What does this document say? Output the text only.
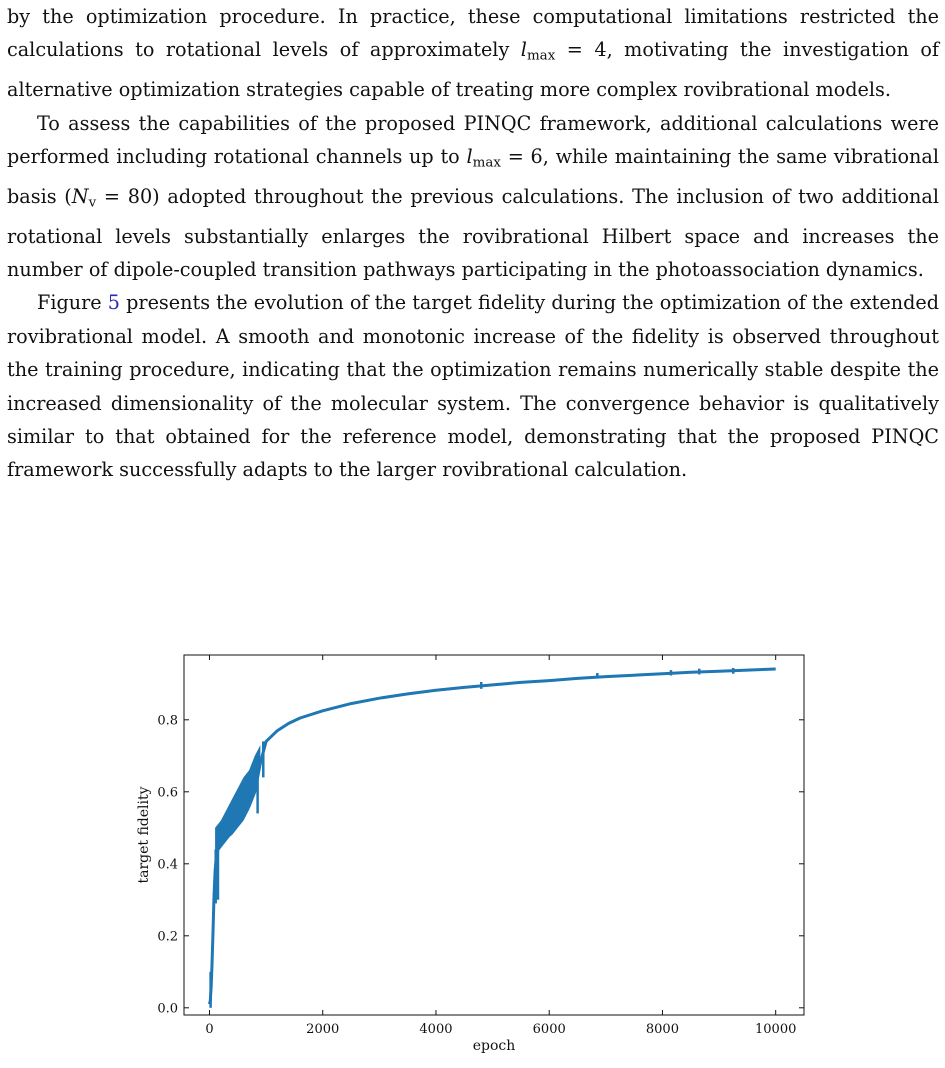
by the optimization procedure. In practice, these computational limitations restricted the calculations to rotational levels of approximately $l_{max} = 4$, motivating the investigation of alternative optimization strategies capable of treating more complex rovibrational models.

To assess the capabilities of the proposed PINQC framework, additional calculations were performed including rotational channels up to $l_{max} = 6$, while maintaining the same vibrational basis $(N_v = 80)$ adopted throughout the previous calculations. The inclusion of two additional rotational levels substantially enlarges the rovibrational Hilbert space and increases the number of dipole-coupled transition pathways participating in the photoassociation dynamics.

Figure 5 presents the evolution of the target fidelity during the optimization of the extended rovibrational model. A smooth and monotonic increase of the fidelity is observed throughout the training procedure, indicating that the optimization remains numerically stable despite the increased dimensionality of the molecular system. The convergence behavior is qualitatively similar to that obtained for the reference model, demonstrating that the proposed PINQC framework successfully adapts to the larger rovibrational calculation.

0	2000	4000	6000	8000	10000
0.0
0.2
0.4
0.6
0.8
epoch
target fidelity
